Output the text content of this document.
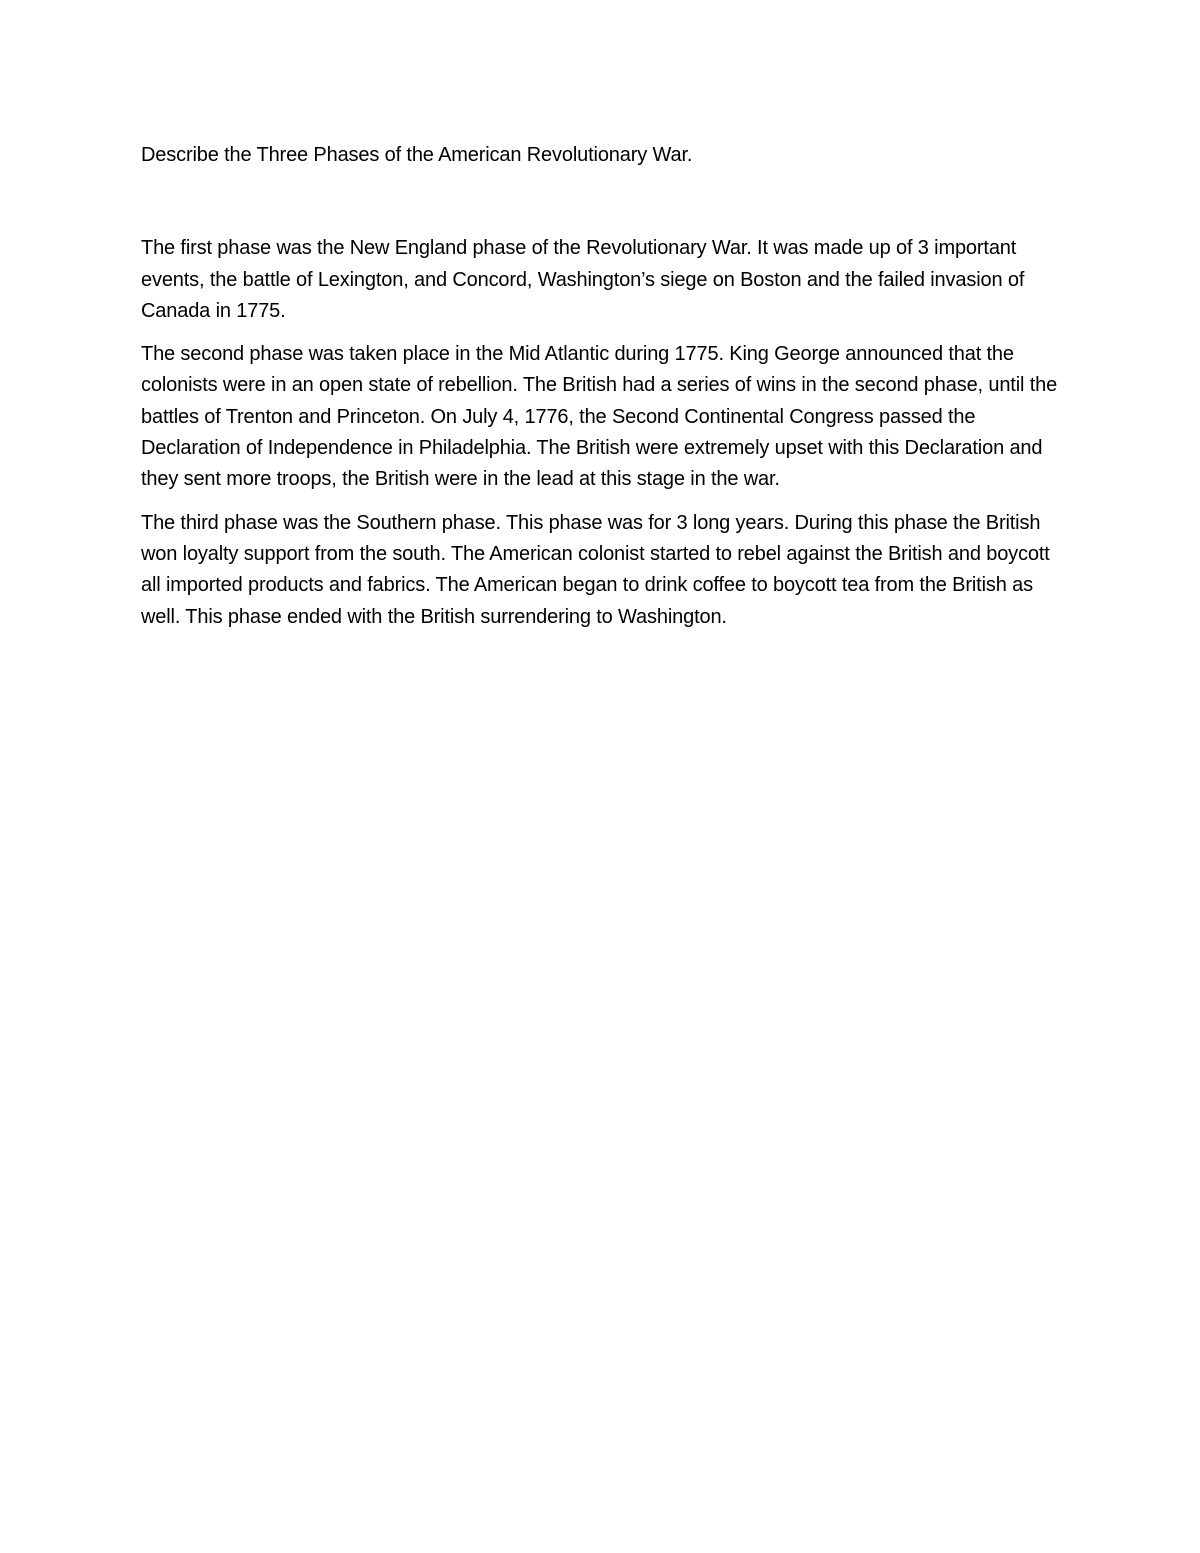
Describe the Three Phases of the American Revolutionary War.

The first phase was the New England phase of the Revolutionary War. It was made up of 3 important events, the battle of Lexington, and Concord, Washington’s siege on Boston and the failed invasion of Canada in 1775.

The second phase was taken place in the Mid Atlantic during 1775. King George announced that the colonists were in an open state of rebellion. The British had a series of wins in the second phase, until the battles of Trenton and Princeton. On July 4, 1776, the Second Continental Congress passed the Declaration of Independence in Philadelphia. The British were extremely upset with this Declaration and they sent more troops, the British were in the lead at this stage in the war.

The third phase was the Southern phase. This phase was for 3 long years. During this phase the British won loyalty support from the south. The American colonist started to rebel against the British and boycott all imported products and fabrics. The American began to drink coffee to boycott tea from the British as well. This phase ended with the British surrendering to Washington.
